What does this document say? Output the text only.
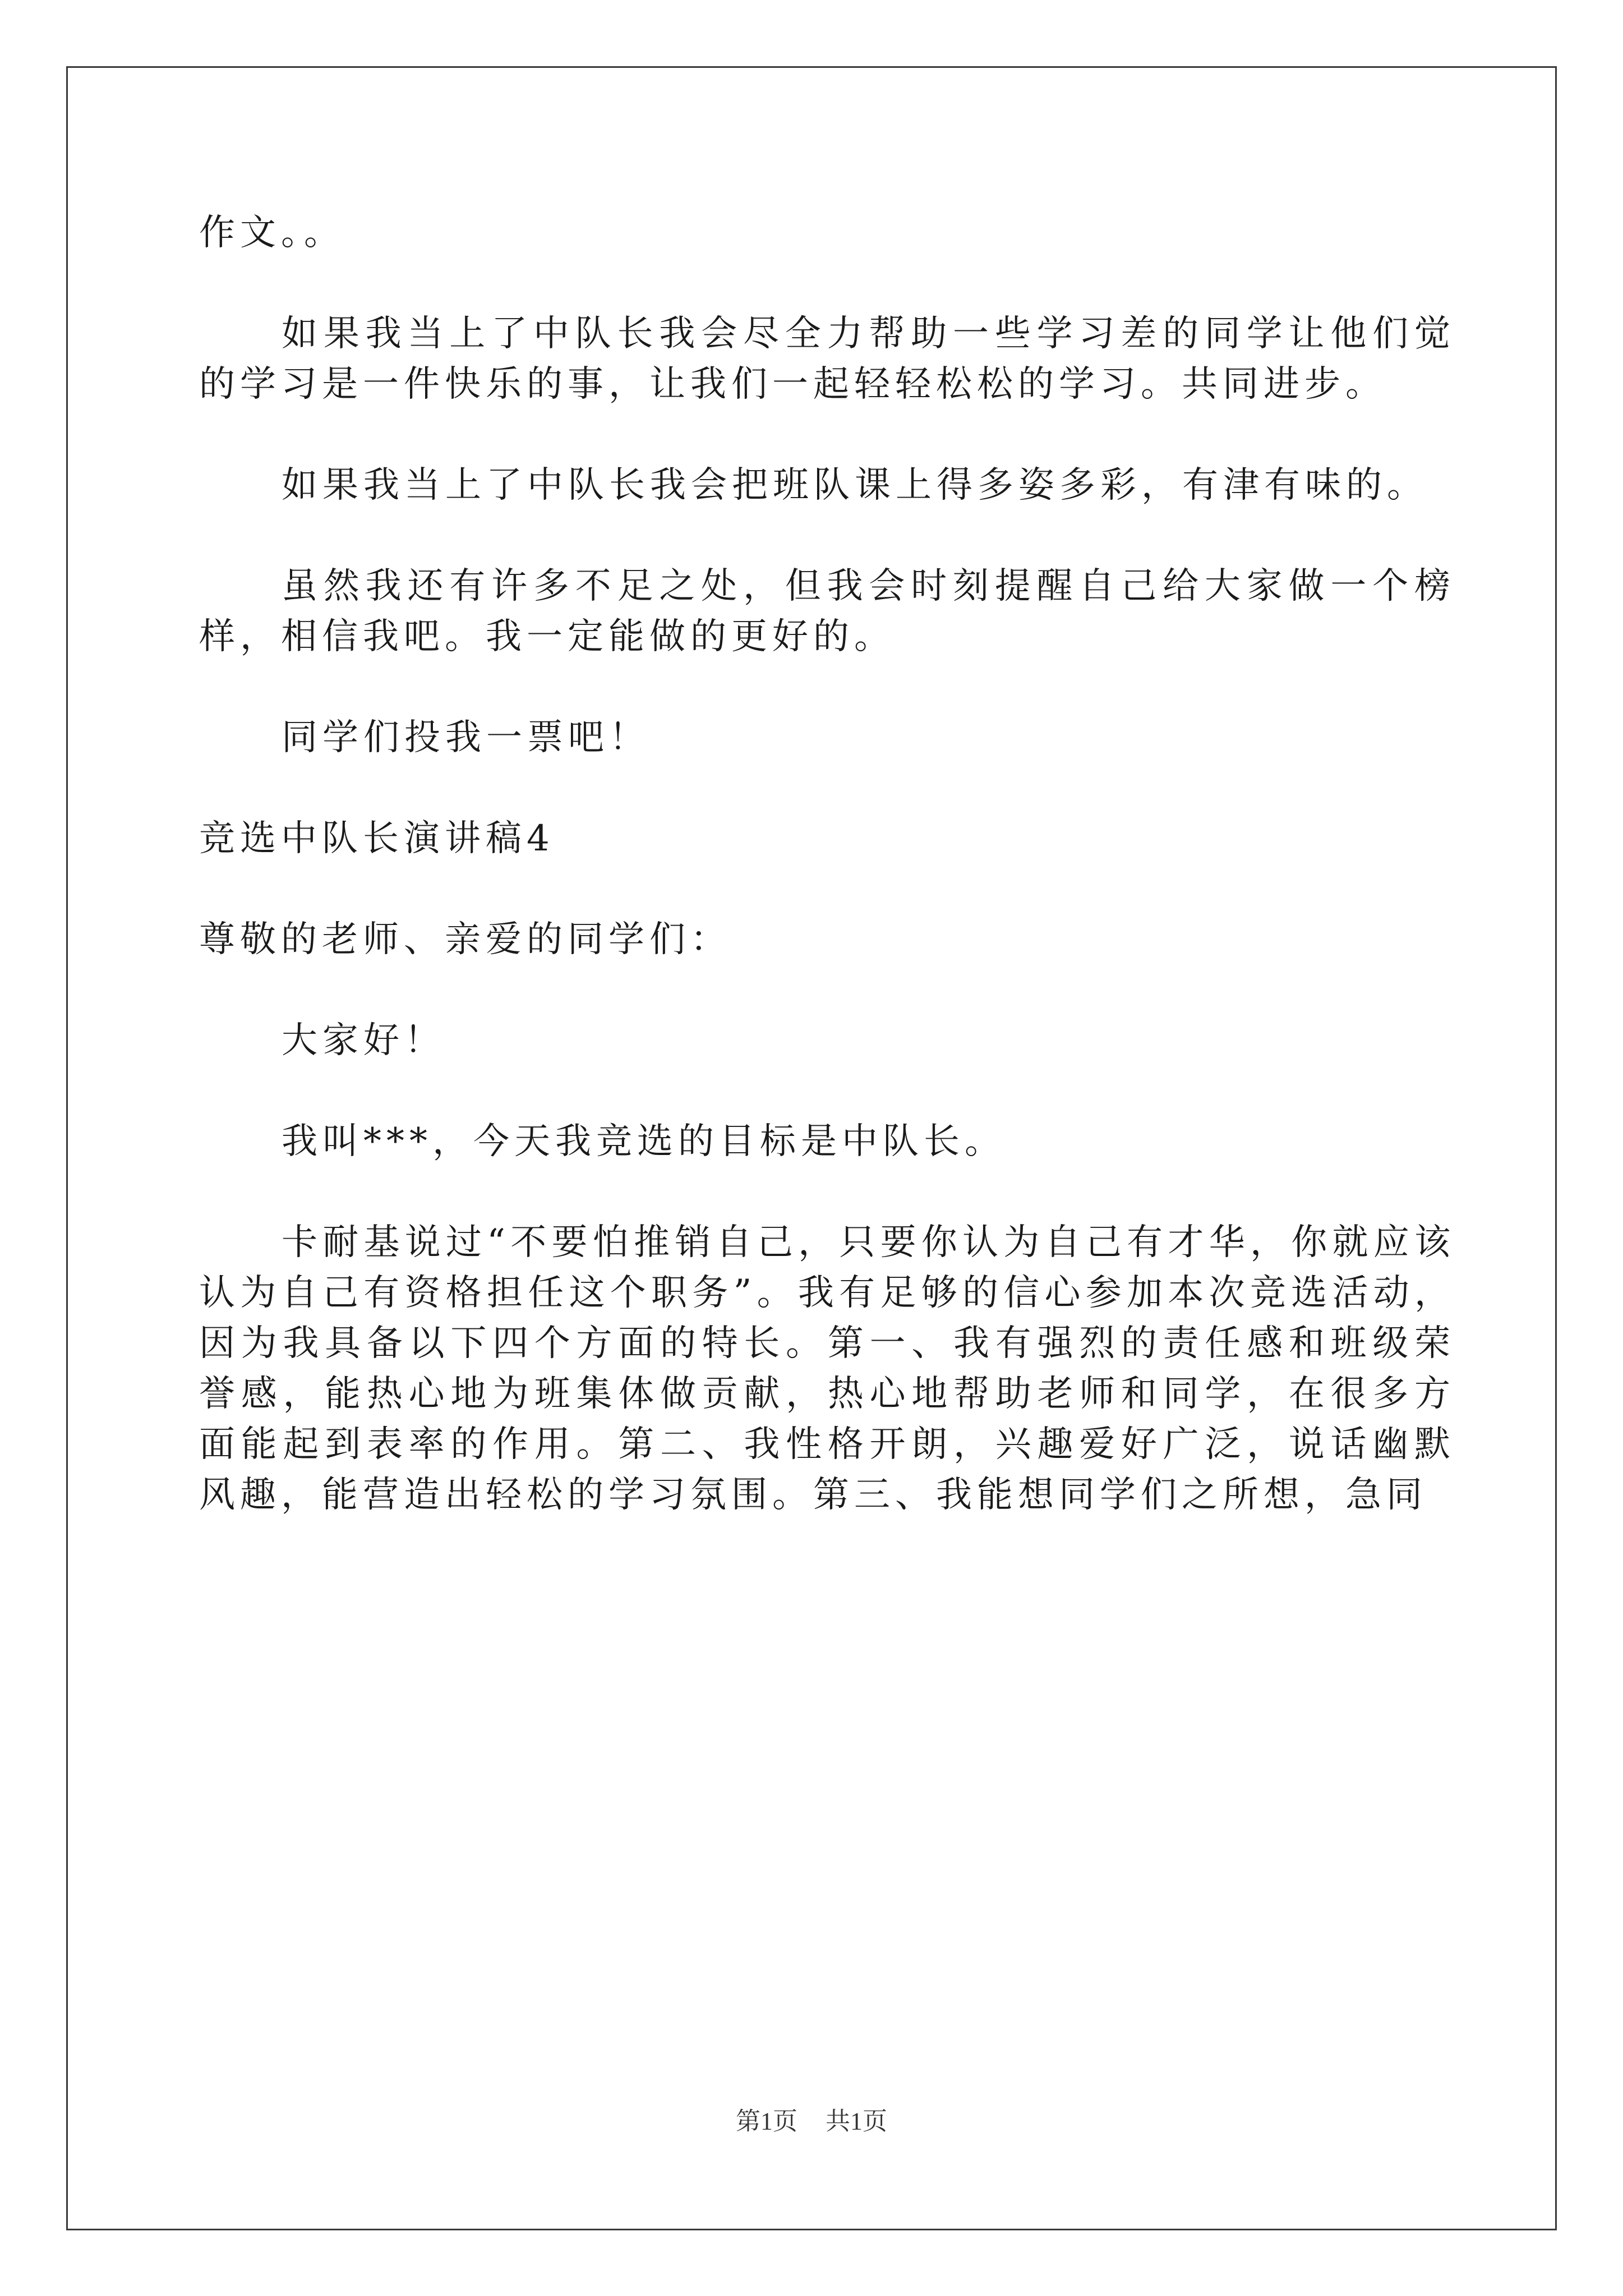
作文。。

如果我当上了中队长我会尽全力帮助一些学习差的同学让他们觉的学习是一件快乐的事，让我们一起轻轻松松的学习。共同进步。

如果我当上了中队长我会把班队课上得多姿多彩，有津有味的。

虽然我还有许多不足之处，但我会时刻提醒自己给大家做一个榜样，相信我吧。我一定能做的更好的。

同学们投我一票吧！

竞选中队长演讲稿4

尊敬的老师、亲爱的同学们：

大家好！

我叫***，今天我竞选的目标是中队长。

卡耐基说过“不要怕推销自己，只要你认为自己有才华，你就应该认为自己有资格担任这个职务”。我有足够的信心参加本次竞选活动，因为我具备以下四个方面的特长。第一、我有强烈的责任感和班级荣誉感，能热心地为班集体做贡献，热心地帮助老师和同学，在很多方面能起到表率的作用。第二、我性格开朗，兴趣爱好广泛，说话幽默风趣，能营造出轻松的学习氛围。第三、我能想同学们之所想，急同

第1页 共1页
